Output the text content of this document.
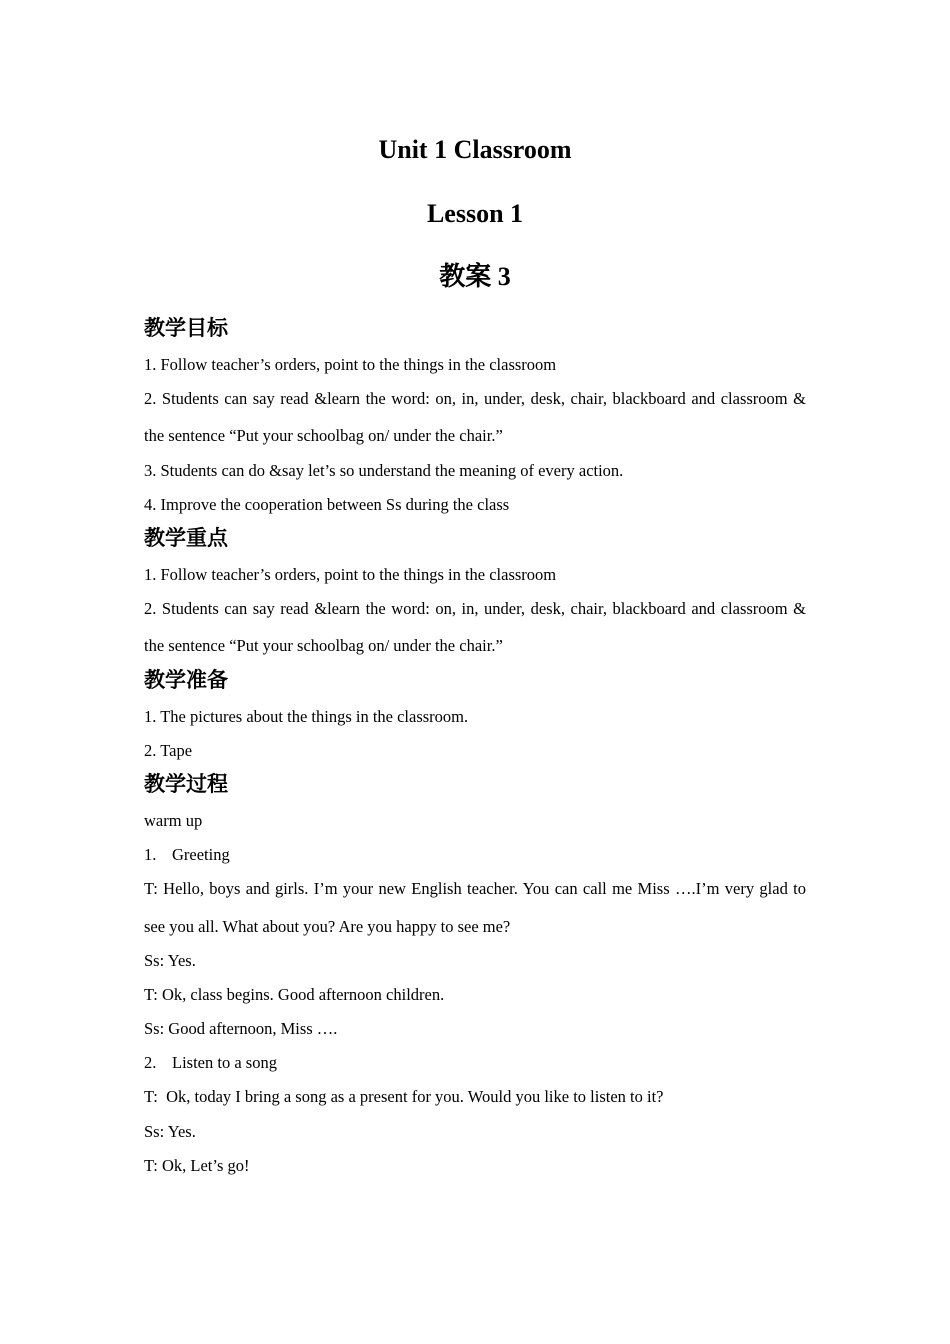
Unit 1 Classroom
Lesson 1
教案 3
教学目标

1. Follow teacher’s orders, point to the things in the classroom

2. Students can say read &learn the word: on, in, under, desk, chair, blackboard and classroom &

the sentence “Put your schoolbag on/ under the chair.”

3. Students can do &say let’s so understand the meaning of every action.

4. Improve the cooperation between Ss during the class

教学重点

1. Follow teacher’s orders, point to the things in the classroom

2. Students can say read &learn the word: on, in, under, desk, chair, blackboard and classroom &

the sentence “Put your schoolbag on/ under the chair.”

教学准备

1. The pictures about the things in the classroom.

2. Tape

教学过程

warm up

1. Greeting

T: Hello, boys and girls. I’m your new English teacher. You can call me Miss ….I’m very glad to

see you all. What about you? Are you happy to see me?

Ss: Yes.

T: Ok, class begins. Good afternoon children.

Ss: Good afternoon, Miss ….

2. Listen to a song

T:  Ok, today I bring a song as a present for you. Would you like to listen to it?

Ss: Yes.

T: Ok, Let’s go!
